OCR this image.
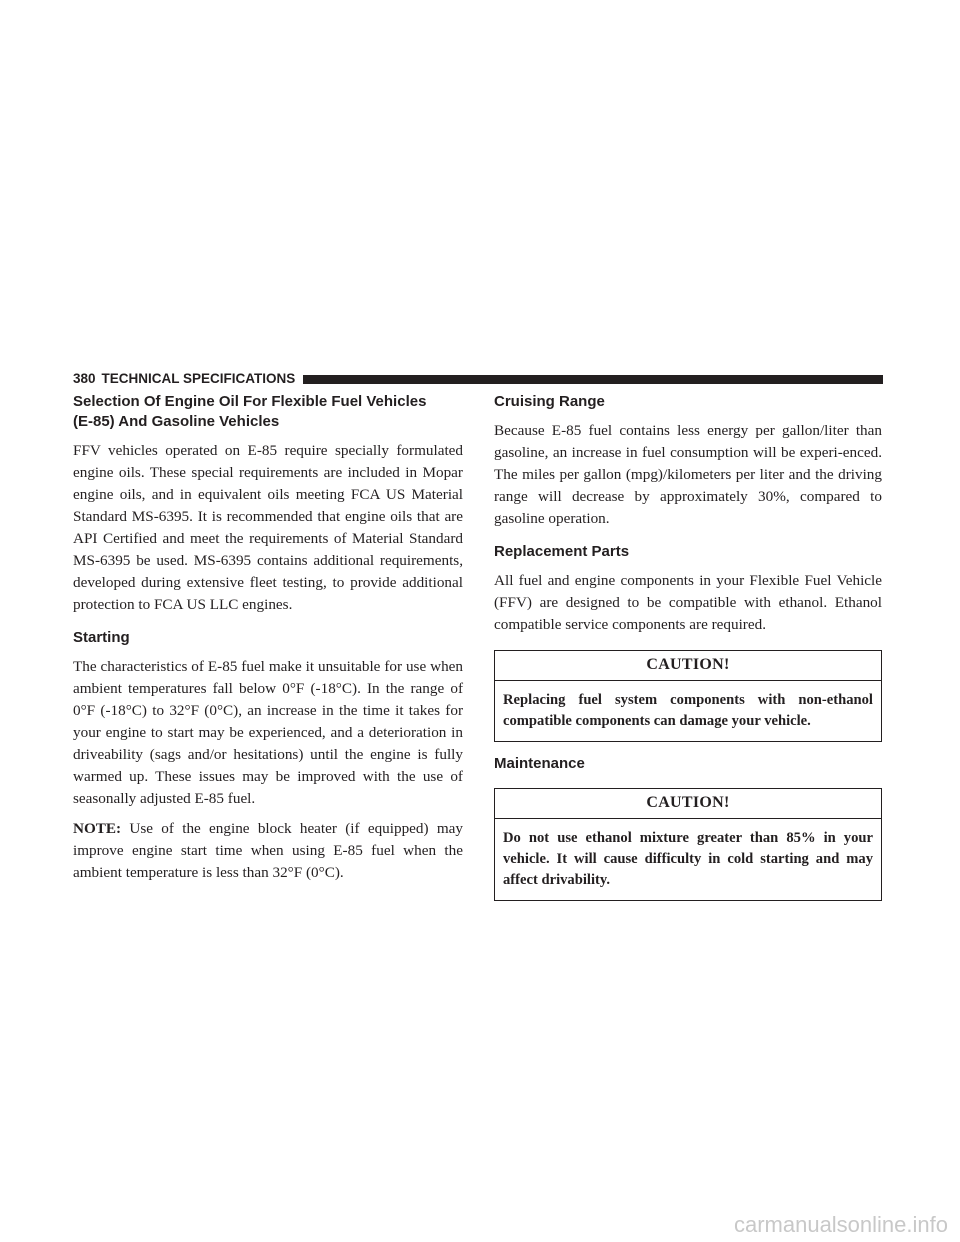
380 TECHNICAL SPECIFICATIONS
Selection Of Engine Oil For Flexible Fuel Vehicles
(E-85) And Gasoline Vehicles

FFV vehicles operated on E-85 require specially formulated engine oils. These special requirements are included in Mopar engine oils, and in equivalent oils meeting FCA US Material Standard MS-6395. It is recommended that engine oils that are API Certified and meet the requirements of Material Standard MS-6395 be used. MS-6395 contains additional requirements, developed during extensive fleet testing, to provide additional protection to FCA US LLC engines.

Starting

The characteristics of E-85 fuel make it unsuitable for use when ambient temperatures fall below 0°F (-18°C). In the range of 0°F (-18°C) to 32°F (0°C), an increase in the time it takes for your engine to start may be experienced, and a deterioration in driveability (sags and/or hesitations) until the engine is fully warmed up. These issues may be improved with the use of seasonally adjusted E-85 fuel.

NOTE: Use of the engine block heater (if equipped) may improve engine start time when using E-85 fuel when the ambient temperature is less than 32°F (0°C).

Cruising Range

Because E-85 fuel contains less energy per gallon/liter than gasoline, an increase in fuel consumption will be experi-enced. The miles per gallon (mpg)/kilometers per liter and the driving range will decrease by approximately 30%, compared to gasoline operation.

Replacement Parts

All fuel and engine components in your Flexible Fuel Vehicle (FFV) are designed to be compatible with ethanol. Ethanol compatible service components are required.

CAUTION!
Replacing fuel system components with non-ethanol compatible components can damage your vehicle.
Maintenance
CAUTION!
Do not use ethanol mixture greater than 85% in your vehicle. It will cause difficulty in cold starting and may affect drivability.
carmanualsonline.info
